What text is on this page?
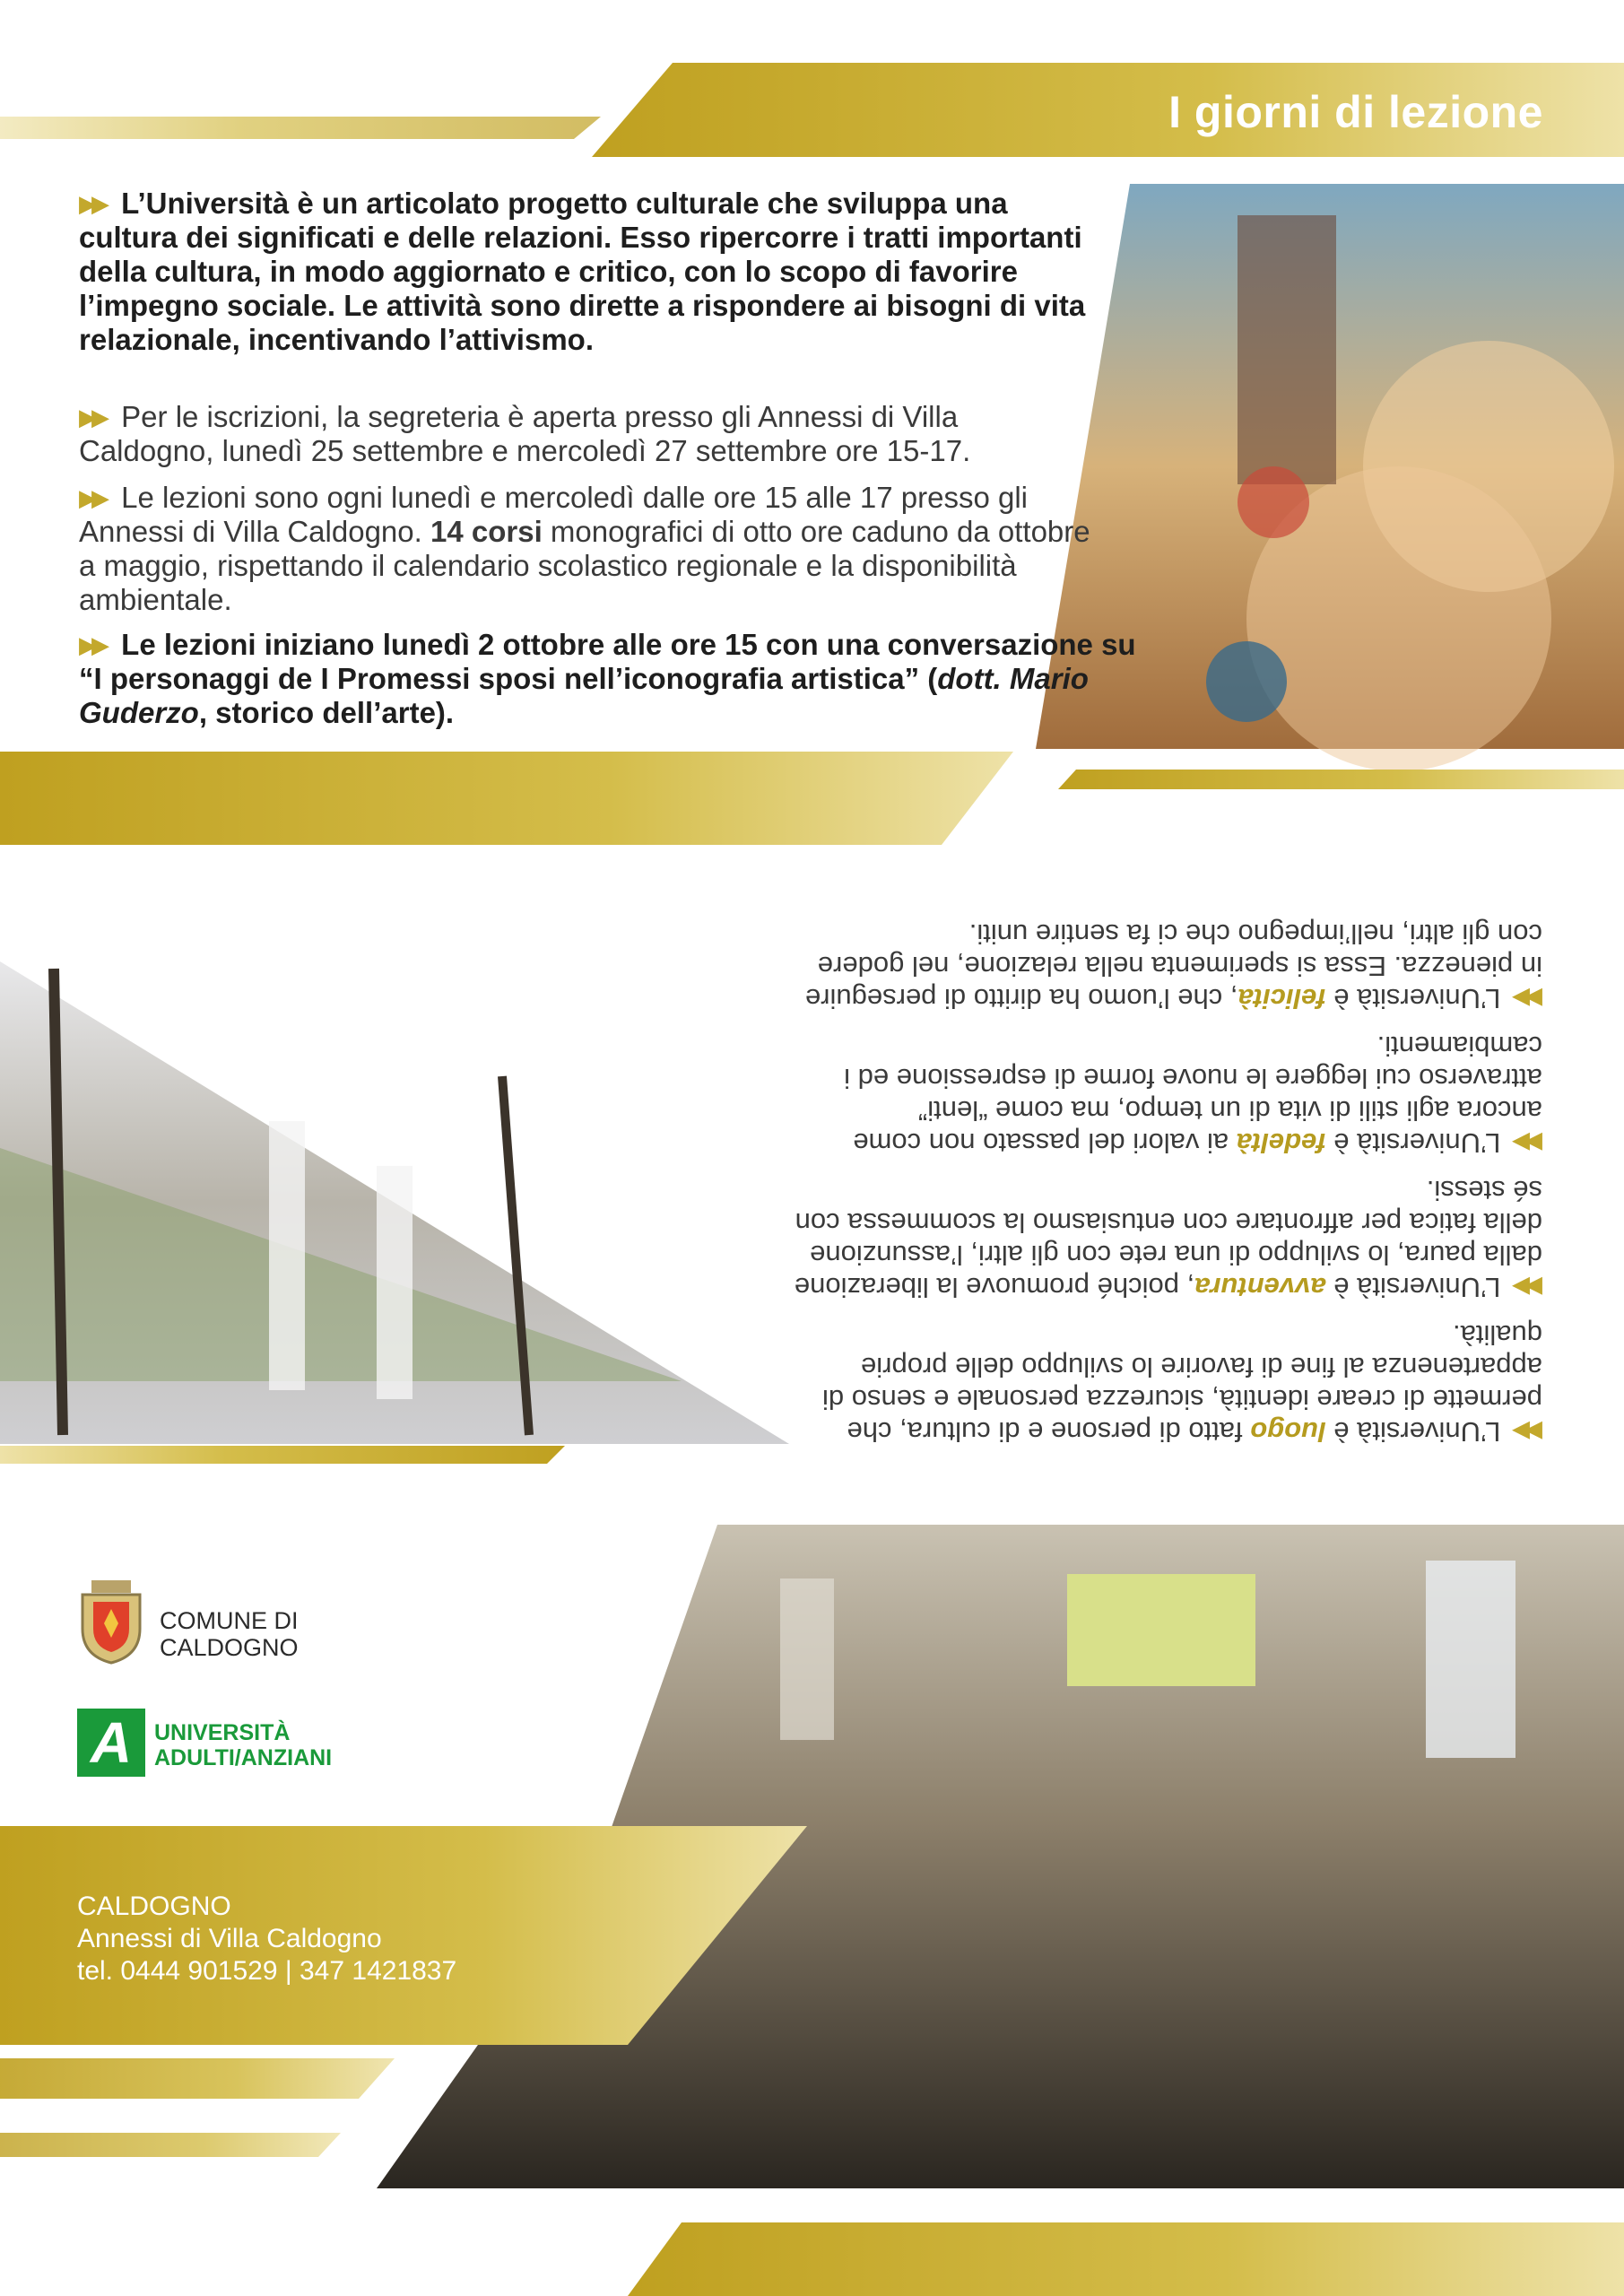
I giorni di lezione

▶▶ L’Università è un articolato progetto culturale che sviluppa una cultura dei significati e delle relazioni. Esso ripercorre i tratti importanti della cultura, in modo aggiornato e critico, con lo scopo di favorire l’impegno sociale. Le attività sono dirette a rispondere ai bisogni di vita relazionale, incentivando l’attivismo.

▶▶ Per le iscrizioni, la segreteria è aperta presso gli Annessi di Villa Caldogno, lunedì 25 settembre e mercoledì 27 settembre ore 15-17.

▶▶ Le lezioni sono ogni lunedì e mercoledì dalle ore 15 alle 17 presso gli Annessi di Villa Caldogno. 14 corsi monografici di otto ore caduno da ottobre a maggio, rispettando il calendario scolastico regionale e la disponibilità ambientale.

▶▶ Le lezioni iniziano lunedì 2 ottobre alle ore 15 con una conversazione su “I personaggi de I Promessi sposi nell’iconografia artistica” (dott. Mario Guderzo, storico dell’arte).

▶▶ L’Università è luogo fatto di persone e di cultura, che permette di creare identità, sicurezza personale e senso di appartenenza al fine di favorire lo sviluppo delle proprie qualità.

▶▶ L’Università è avventura, poiché promuove la liberazione dalla paura, lo sviluppo di una rete con gli altri, l’assunzione della fatica per affrontare con entusiasmo la scommessa con sé stessi.

▶▶ L’Università è fedeltà ai valori del passato non come ancora agli stili di vita di un tempo, ma come “lenti” attraverso cui leggere le nuove forme di espressione ed i cambiamenti.

▶▶ L’Università è felicità, che l’uomo ha diritto di perseguire in pienezza. Essa si sperimenta nella relazione, nel godere con gli altri, nell’impegno che ci fa sentire uniti.

COMUNE DI
CALDOGNO
A UNIVERSITÀ
ADULTI/ANZIANI
CALDOGNO
Annessi di Villa Caldogno
tel. 0444 901529 | 347 1421837
